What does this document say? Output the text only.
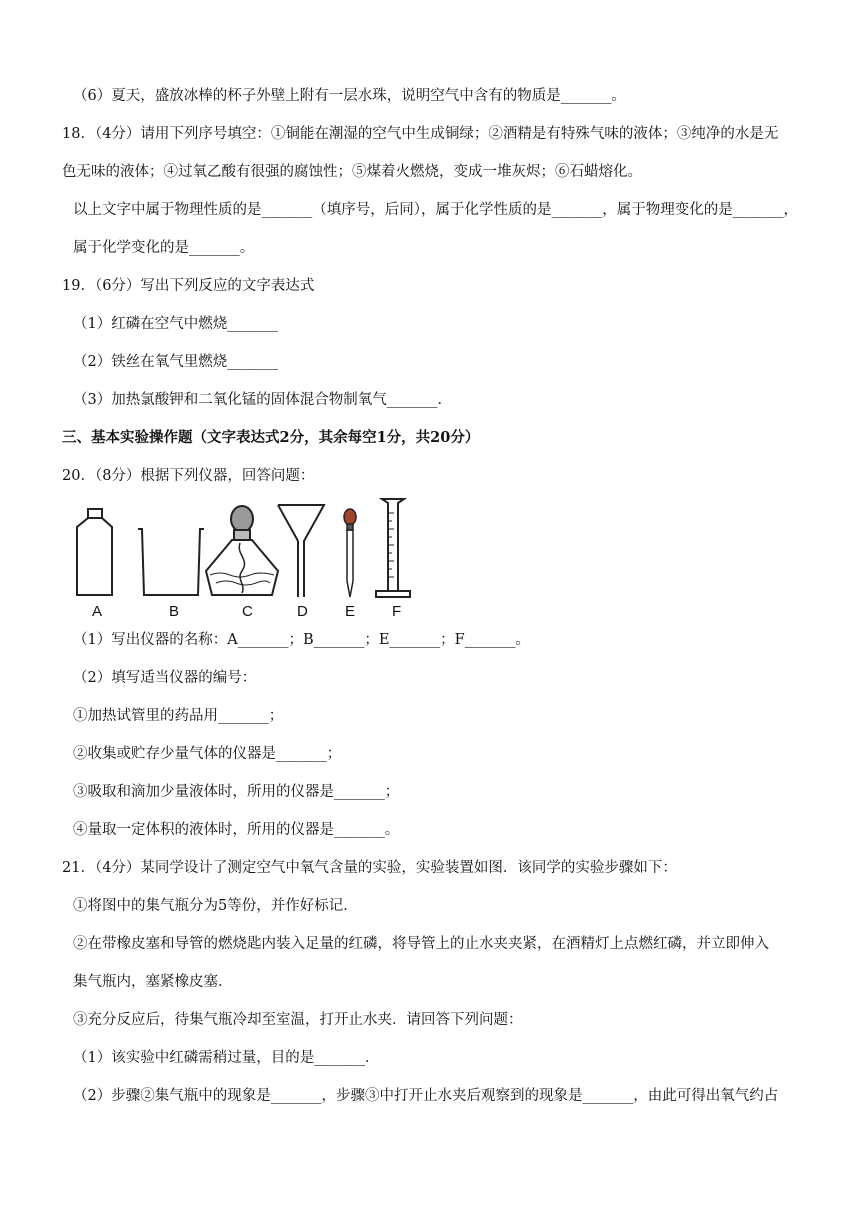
（6）夏天，盛放冰棒的杯子外壁上附有一层水珠，说明空气中含有的物质是_______。
18．（4分）请用下列序号填空：①铜能在潮湿的空气中生成铜绿；②酒精是有特殊气味的液体；③纯净的水是无
色无味的液体；④过氧乙酸有很强的腐蚀性；⑤煤着火燃烧，变成一堆灰烬；⑥石蜡熔化。
以上文字中属于物理性质的是_______（填序号，后同），属于化学性质的是_______，属于物理变化的是_______，
属于化学变化的是_______。
19．（6分）写出下列反应的文字表达式
（1）红磷在空气中燃烧_______
（2）铁丝在氧气里燃烧_______
（3）加热氯酸钾和二氧化锰的固体混合物制氧气_______．
三、基本实验操作题（文字表达式2分，其余每空1分，共20分）
20．（8分）根据下列仪器，回答问题：
A	B	C	D E F
（1）写出仪器的名称：A_______；B_______；E_______；F_______。
（2）填写适当仪器的编号：
①加热试管里的药品用_______；
②收集或贮存少量气体的仪器是_______；
③吸取和滴加少量液体时，所用的仪器是_______；
④量取一定体积的液体时，所用的仪器是_______。
21．（4分）某同学设计了测定空气中氧气含量的实验，实验装置如图．该同学的实验步骤如下：
①将图中的集气瓶分为5等份，并作好标记．
②在带橡皮塞和导管的燃烧匙内装入足量的红磷，将导管上的止水夹夹紧，在酒精灯上点燃红磷，并立即伸入
集气瓶内，塞紧橡皮塞．
③充分反应后，待集气瓶冷却至室温，打开止水夹．请回答下列问题：
（1）该实验中红磷需稍过量，目的是_______．
（2）步骤②集气瓶中的现象是_______，步骤③中打开止水夹后观察到的现象是_______，由此可得出氧气约占
